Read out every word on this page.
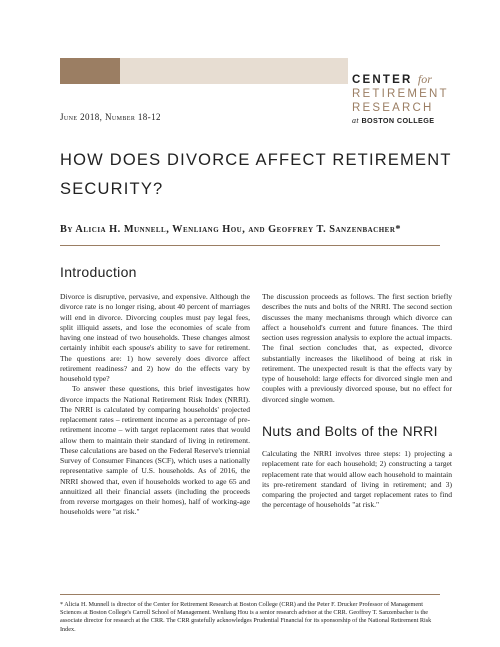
CENTER for
RETIREMENT
RESEARCH
at BOSTON COLLEGE
June 2018, Number 18-12
HOW DOES DIVORCE AFFECT RETIREMENT SECURITY?
By Alicia H. Munnell, Wenliang Hou, and Geoffrey T. Sanzenbacher*
Introduction

Divorce is disruptive, pervasive, and expensive. Although the divorce rate is no longer rising, about 40 percent of marriages will end in divorce. Divorcing couples must pay legal fees, split illiquid assets, and lose the economies of scale from having one instead of two households. These changes almost certainly inhibit each spouse's ability to save for retirement. The questions are: 1) how severely does divorce affect retirement readiness? and 2) how do the effects vary by household type?

To answer these questions, this brief investigates how divorce impacts the National Retirement Risk Index (NRRI). The NRRI is calculated by comparing households' projected replacement rates – retirement income as a percentage of pre-retirement income – with target replacement rates that would allow them to maintain their standard of living in retirement. These calculations are based on the Federal Reserve's triennial Survey of Consumer Finances (SCF), which uses a nationally representative sample of U.S. households. As of 2016, the NRRI showed that, even if households worked to age 65 and annuitized all their financial assets (including the proceeds from reverse mortgages on their homes), half of working-age households were "at risk."

The discussion proceeds as follows. The first section briefly describes the nuts and bolts of the NRRI. The second section discusses the many mechanisms through which divorce can affect a household's current and future finances. The third section uses regression analysis to explore the actual impacts. The final section concludes that, as expected, divorce substantially increases the likelihood of being at risk in retirement. The unexpected result is that the effects vary by type of household: large effects for divorced single men and couples with a previously divorced spouse, but no effect for divorced single women.

Nuts and Bolts of the NRRI

Calculating the NRRI involves three steps: 1) projecting a replacement rate for each household; 2) constructing a target replacement rate that would allow each household to maintain its pre-retirement standard of living in retirement; and 3) comparing the projected and target replacement rates to find the percentage of households "at risk."

* Alicia H. Munnell is director of the Center for Retirement Research at Boston College (CRR) and the Peter F. Drucker Professor of Management Sciences at Boston College's Carroll School of Management. Wenliang Hou is a senior research advisor at the CRR. Geoffrey T. Sanzenbacher is the associate director for research at the CRR. The CRR gratefully acknowledges Prudential Financial for its sponsorship of the National Retirement Risk Index.
